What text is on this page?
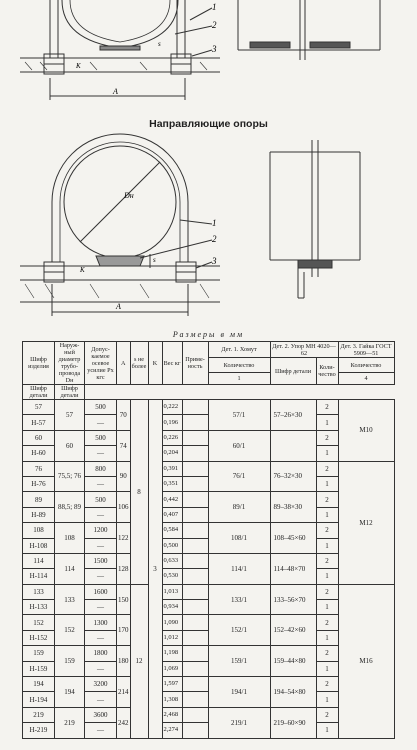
1
2
3
s
A
K
Направляющие опоры
1
2
3
Dн
s
A
K
Размеры в мм
Шифр изделия	Наруж-ный диаметр трубо-провода Dн	Допус-каемое осевое усилие Pх кгс	A	s не более	K	Вес кг	Приме-ность	Дет. 1. Хомут	Дет. 2. Упор МН 4020—62		Дет. 3. Гайка ГОСТ 5909—51
								Количество	Шифр детали	Коли-чество	Количество
								1			4
Шифр детали	Шифр детали										
57	57	500	70	8	3	0,222		57/1	57–26×30	2	M10
Н-57		—				0,196				1	
60	60	500	74			0,226		60/1		2	
Н-60		—				0,204				1	
76	75,5; 76	800	90			0,391		76/1	76–32×30	2	M12
Н-76		—				0,351				1	
89	88,5; 89	500	106			0,442		89/1	89–38×30	2	
Н-89		—				0,407				1	
108	108	1200	122			0,584		108/1	108–45×60	2	
Н-108		—				0,500				1	
114	114	1500	128			0,633		114/1	114–48×70	2	
Н-114		—				0,530				1	
133	133	1600	150	12		1,013		133/1	133–56×70	2	M16
Н-133		—				0,934				1	
152	152	1300	170			1,090		152/1	152–42×60	2	
Н-152		—				1,012				1	
159	159	1800	180			1,198		159/1	159–44×80	2	
Н-159		—				1,069				1	
194	194	3200	214			1,597		194/1	194–54×80	2	
Н-194		—				1,308				1	
219	219	3600	242			2,468		219/1	219–60×90	2	
Н-219		—				2,274				1	
